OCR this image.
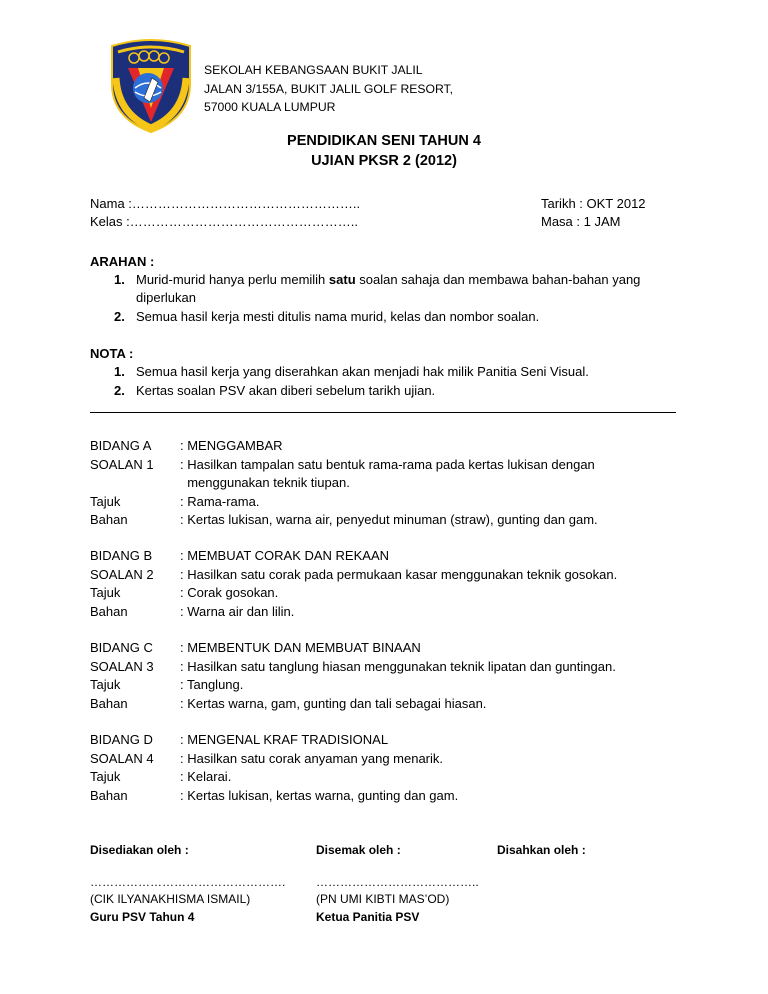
SEKOLAH KEBANGSAAN BUKIT JALIL
JALAN 3/155A, BUKIT JALIL GOLF RESORT,
57000 KUALA LUMPUR
PENDIDIKAN SENI TAHUN 4
UJIAN PKSR 2 (2012)
Nama :……………………………………………..
Kelas :……………………………………………..
Tarikh : OKT 2012
Masa : 1 JAM
ARAHAN :
1. Murid-murid hanya perlu memilih satu soalan sahaja dan membawa bahan-bahan yang
diperlukan
2. Semua hasil kerja mesti ditulis nama murid, kelas dan nombor soalan.
NOTA :
1. Semua hasil kerja yang diserahkan akan menjadi hak milik Panitia Seni Visual.
2. Kertas soalan PSV akan diberi sebelum tarikh ujian.
BIDANG A : MENGGAMBAR
SOALAN 1 : Hasilkan tampalan satu bentuk rama-rama pada kertas lukisan dengan
menggunakan teknik tiupan.
Tajuk	: Rama-rama.
Bahan	: Kertas lukisan, warna air, penyedut minuman (straw), gunting dan gam.
BIDANG B : MEMBUAT CORAK DAN REKAAN
SOALAN 2 : Hasilkan satu corak pada permukaan kasar menggunakan teknik gosokan.
Tajuk	: Corak gosokan.
Bahan	: Warna air dan lilin.
BIDANG C : MEMBENTUK DAN MEMBUAT BINAAN
SOALAN 3 : Hasilkan satu tanglung hiasan menggunakan teknik lipatan dan guntingan.
Tajuk	: Tanglung.
Bahan	: Kertas warna, gam, gunting dan tali sebagai hiasan.
BIDANG D : MENGENAL KRAF TRADISIONAL
SOALAN 4 : Hasilkan satu corak anyaman yang menarik.
Tajuk	: Kelarai.
Bahan	: Kertas lukisan, kertas warna, gunting dan gam.
Disediakan oleh :
………………………………………….
(CIK ILYANAKHISMA ISMAIL)
Guru PSV Tahun 4
Disemak oleh :
…………………………………..
(PN UMI KIBTI MAS’OD)
Ketua Panitia PSV
Disahkan oleh :
